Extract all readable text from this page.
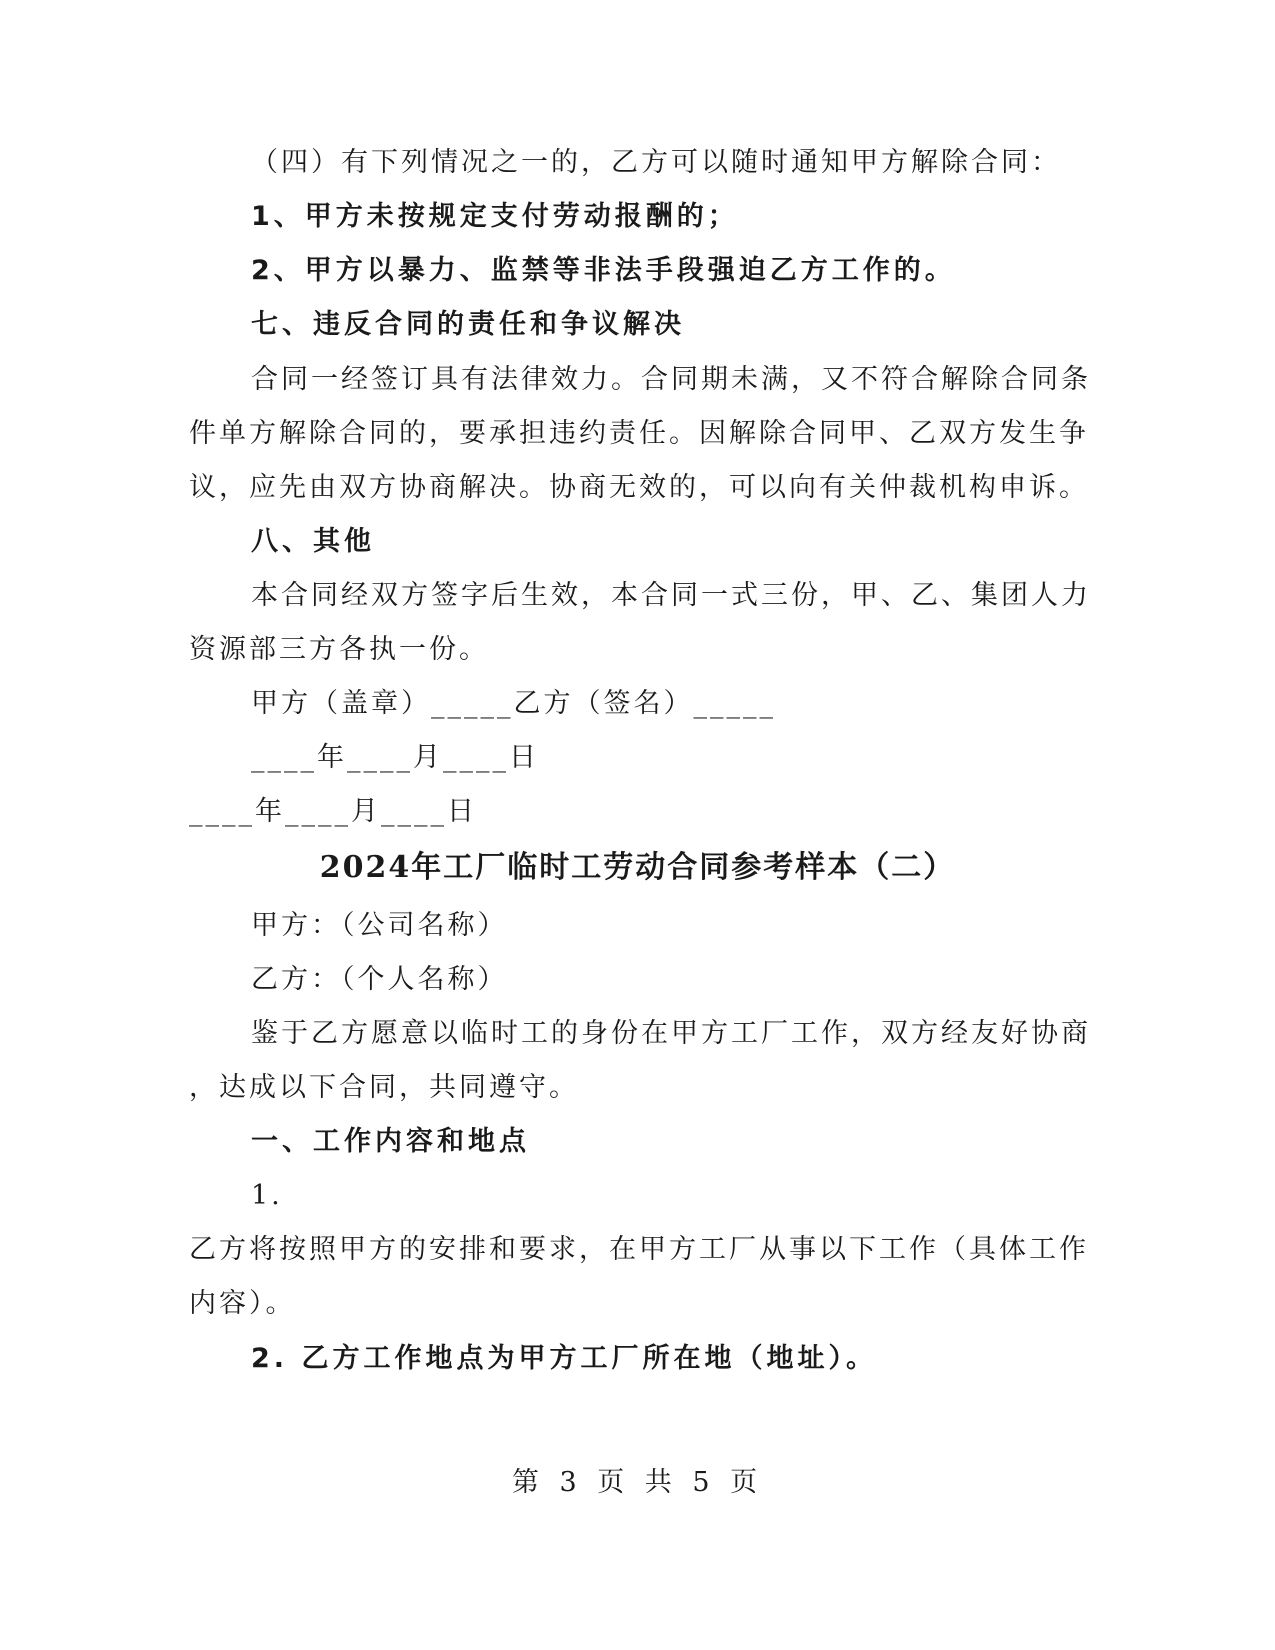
（四）有下列情况之一的，乙方可以随时通知甲方解除合同：
1、甲方未按规定支付劳动报酬的；
2、甲方以暴力、监禁等非法手段强迫乙方工作的。
七、违反合同的责任和争议解决
合同一经签订具有法律效力。合同期未满，又不符合解除合同条
件单方解除合同的，要承担违约责任。因解除合同甲、乙双方发生争
议，应先由双方协商解决。协商无效的，可以向有关仲裁机构申诉。
八、其他
本合同经双方签字后生效，本合同一式三份，甲、乙、集团人力
资源部三方各执一份。
甲方（盖章）_____乙方（签名）_____
____年____月____日
____年____月____日
2024年工厂临时工劳动合同参考样本（二）
甲方：（公司名称）
乙方：（个人名称）
鉴于乙方愿意以临时工的身份在甲方工厂工作，双方经友好协商
，达成以下合同，共同遵守。
一、工作内容和地点
1.
乙方将按照甲方的安排和要求，在甲方工厂从事以下工作（具体工作
内容）。
2. 乙方工作地点为甲方工厂所在地（地址）。
第 3 页 共 5 页
